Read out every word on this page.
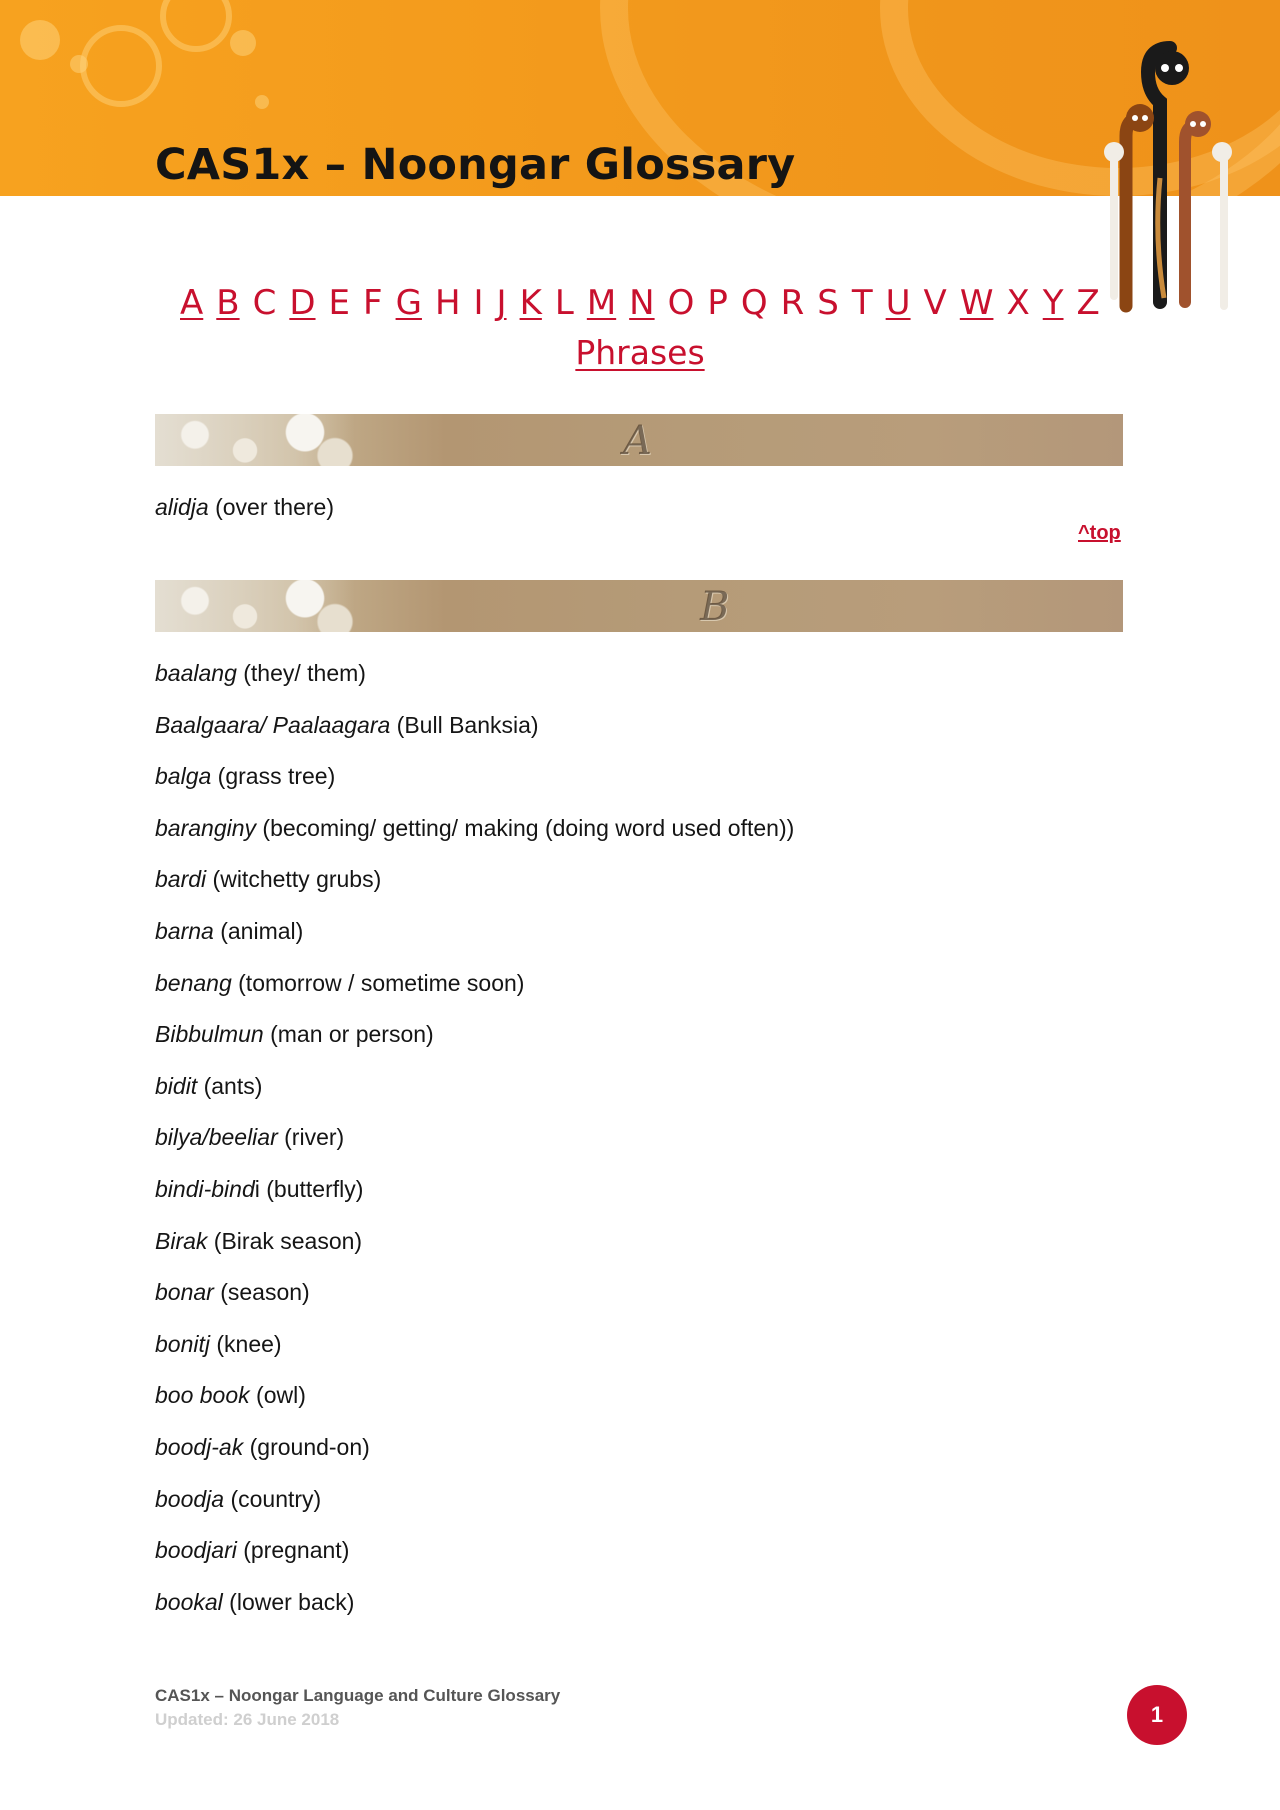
CAS1x – Noongar Glossary
A B C D E F G H I J K L M N O P Q R S T U V W X Y Z
Phrases
A
alidja (over there)
^top
B
baalang (they/ them)
Baalgaara/ Paalaagara (Bull Banksia)
balga (grass tree)
baranginy (becoming/ getting/ making (doing word used often))
bardi (witchetty grubs)
barna (animal)
benang (tomorrow / sometime soon)
Bibbulmun (man or person)
bidit (ants)
bilya/beeliar (river)
bindi-bindi (butterfly)
Birak (Birak season)
bonar (season)
bonitj (knee)
boo book (owl)
boodj-ak (ground-on)
boodja (country)
boodjari (pregnant)
bookal (lower back)
CAS1x – Noongar Language and Culture Glossary
Updated: 26 June 2018	1
